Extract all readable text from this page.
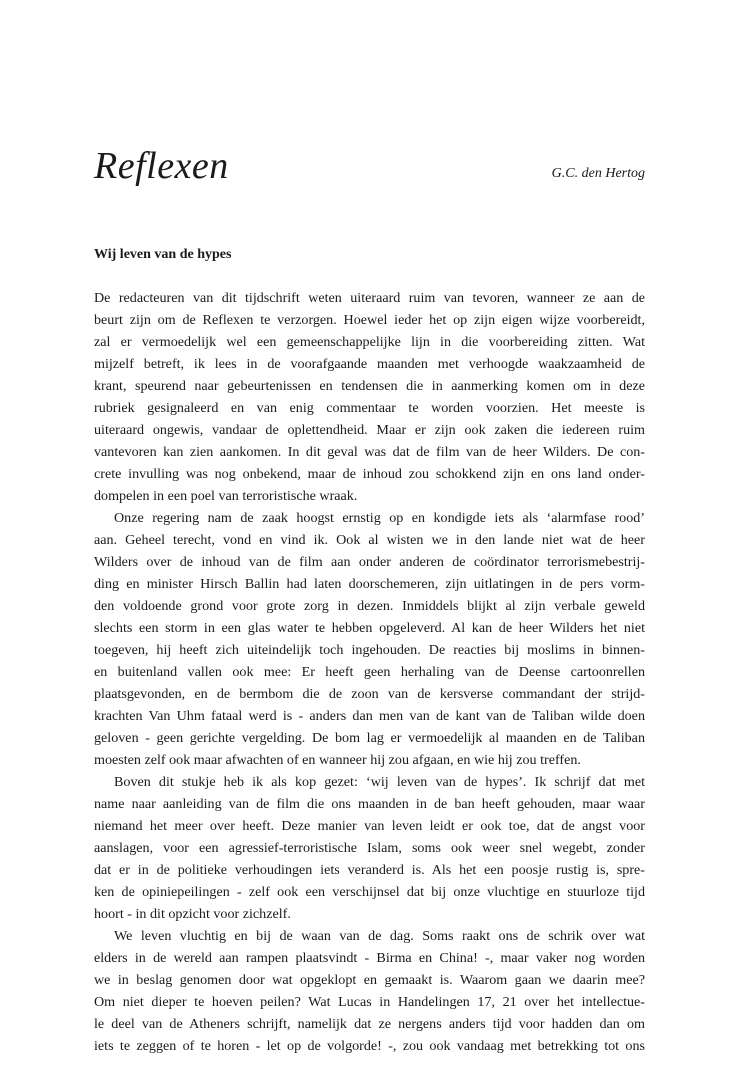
Reflexen	G.C. den Hertog
Wij leven van de hypes
De redacteuren van dit tijdschrift weten uiteraard ruim van tevoren, wanneer ze aan de
beurt zijn om de Reflexen te verzorgen. Hoewel ieder het op zijn eigen wijze voorbereidt,
zal er vermoedelijk wel een gemeenschappelijke lijn in die voorbereiding zitten. Wat
mijzelf betreft, ik lees in de voorafgaande maanden met verhoogde waakzaamheid de
krant, speurend naar gebeurtenissen en tendensen die in aanmerking komen om in deze
rubriek gesignaleerd en van enig commentaar te worden voorzien. Het meeste is
uiteraard ongewis, vandaar de oplettendheid. Maar er zijn ook zaken die iedereen ruim
vantevoren kan zien aankomen. In dit geval was dat de film van de heer Wilders. De con-
crete invulling was nog onbekend, maar de inhoud zou schokkend zijn en ons land onder-
dompelen in een poel van terroristische wraak.
Onze regering nam de zaak hoogst ernstig op en kondigde iets als ‘alarmfase rood’
aan. Geheel terecht, vond en vind ik. Ook al wisten we in den lande niet wat de heer
Wilders over de inhoud van de film aan onder anderen de coördinator terrorismebestrij-
ding en minister Hirsch Ballin had laten doorschemeren, zijn uitlatingen in de pers vorm-
den voldoende grond voor grote zorg in dezen. Inmiddels blijkt al zijn verbale geweld
slechts een storm in een glas water te hebben opgeleverd. Al kan de heer Wilders het niet
toegeven, hij heeft zich uiteindelijk toch ingehouden. De reacties bij moslims in binnen-
en buitenland vallen ook mee: Er heeft geen herhaling van de Deense cartoonrellen
plaatsgevonden, en de bermbom die de zoon van de kersverse commandant der strijd-
krachten Van Uhm fataal werd is - anders dan men van de kant van de Taliban wilde doen
geloven - geen gerichte vergelding. De bom lag er vermoedelijk al maanden en de Taliban
moesten zelf ook maar afwachten of en wanneer hij zou afgaan, en wie hij zou treffen.
Boven dit stukje heb ik als kop gezet: ‘wij leven van de hypes’. Ik schrijf dat met
name naar aanleiding van de film die ons maanden in de ban heeft gehouden, maar waar
niemand het meer over heeft. Deze manier van leven leidt er ook toe, dat de angst voor
aanslagen, voor een agressief-terroristische Islam, soms ook weer snel wegebt, zonder
dat er in de politieke verhoudingen iets veranderd is. Als het een poosje rustig is, spre-
ken de opiniepeilingen - zelf ook een verschijnsel dat bij onze vluchtige en stuurloze tijd
hoort - in dit opzicht voor zichzelf.
We leven vluchtig en bij de waan van de dag. Soms raakt ons de schrik over wat
elders in de wereld aan rampen plaatsvindt - Birma en China! -, maar vaker nog worden
we in beslag genomen door wat opgeklopt en gemaakt is. Waarom gaan we daarin mee?
Om niet dieper te hoeven peilen? Wat Lucas in Handelingen 17, 21 over het intellectue-
le deel van de Atheners schrijft, namelijk dat ze nergens anders tijd voor hadden dan om
iets te zeggen of te horen - let op de volgorde! -, zou ook vandaag met betrekking tot ons
